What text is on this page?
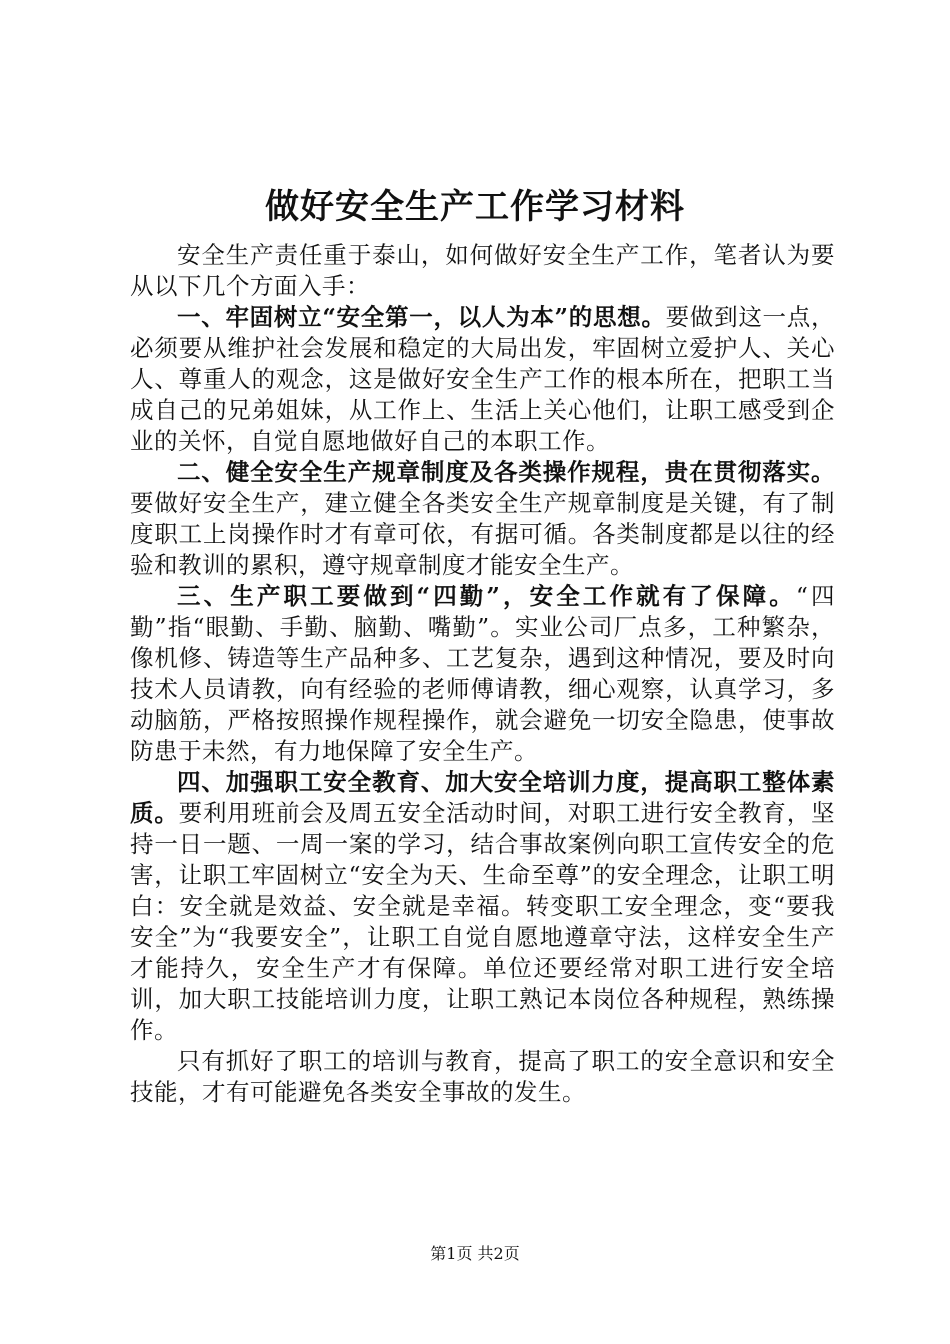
做好安全生产工作学习材料

安全生产责任重于泰山，如何做好安全生产工作，笔者认为要从以下几个方面入手：

一、牢固树立“安全第一，以人为本”的思想。要做到这一点，必须要从维护社会发展和稳定的大局出发，牢固树立爱护人、关心人、尊重人的观念，这是做好安全生产工作的根本所在，把职工当成自己的兄弟姐妹，从工作上、生活上关心他们，让职工感受到企业的关怀，自觉自愿地做好自己的本职工作。

二、健全安全生产规章制度及各类操作规程，贵在贯彻落实。要做好安全生产，建立健全各类安全生产规章制度是关键，有了制度职工上岗操作时才有章可依，有据可循。各类制度都是以往的经验和教训的累积，遵守规章制度才能安全生产。

三、生产职工要做到“四勤”，安全工作就有了保障。“四勤”指“眼勤、手勤、脑勤、嘴勤”。实业公司厂点多，工种繁杂，像机修、铸造等生产品种多、工艺复杂，遇到这种情况，要及时向技术人员请教，向有经验的老师傅请教，细心观察，认真学习，多动脑筋，严格按照操作规程操作，就会避免一切安全隐患，使事故防患于未然，有力地保障了安全生产。

四、加强职工安全教育、加大安全培训力度，提高职工整体素质。要利用班前会及周五安全活动时间，对职工进行安全教育，坚持一日一题、一周一案的学习，结合事故案例向职工宣传安全的危害，让职工牢固树立“安全为天、生命至尊”的安全理念，让职工明白：安全就是效益、安全就是幸福。转变职工安全理念，变“要我安全”为“我要安全”，让职工自觉自愿地遵章守法，这样安全生产才能持久，安全生产才有保障。单位还要经常对职工进行安全培训，加大职工技能培训力度，让职工熟记本岗位各种规程，熟练操作。

只有抓好了职工的培训与教育，提高了职工的安全意识和安全技能，才有可能避免各类安全事故的发生。

第1页 共2页
